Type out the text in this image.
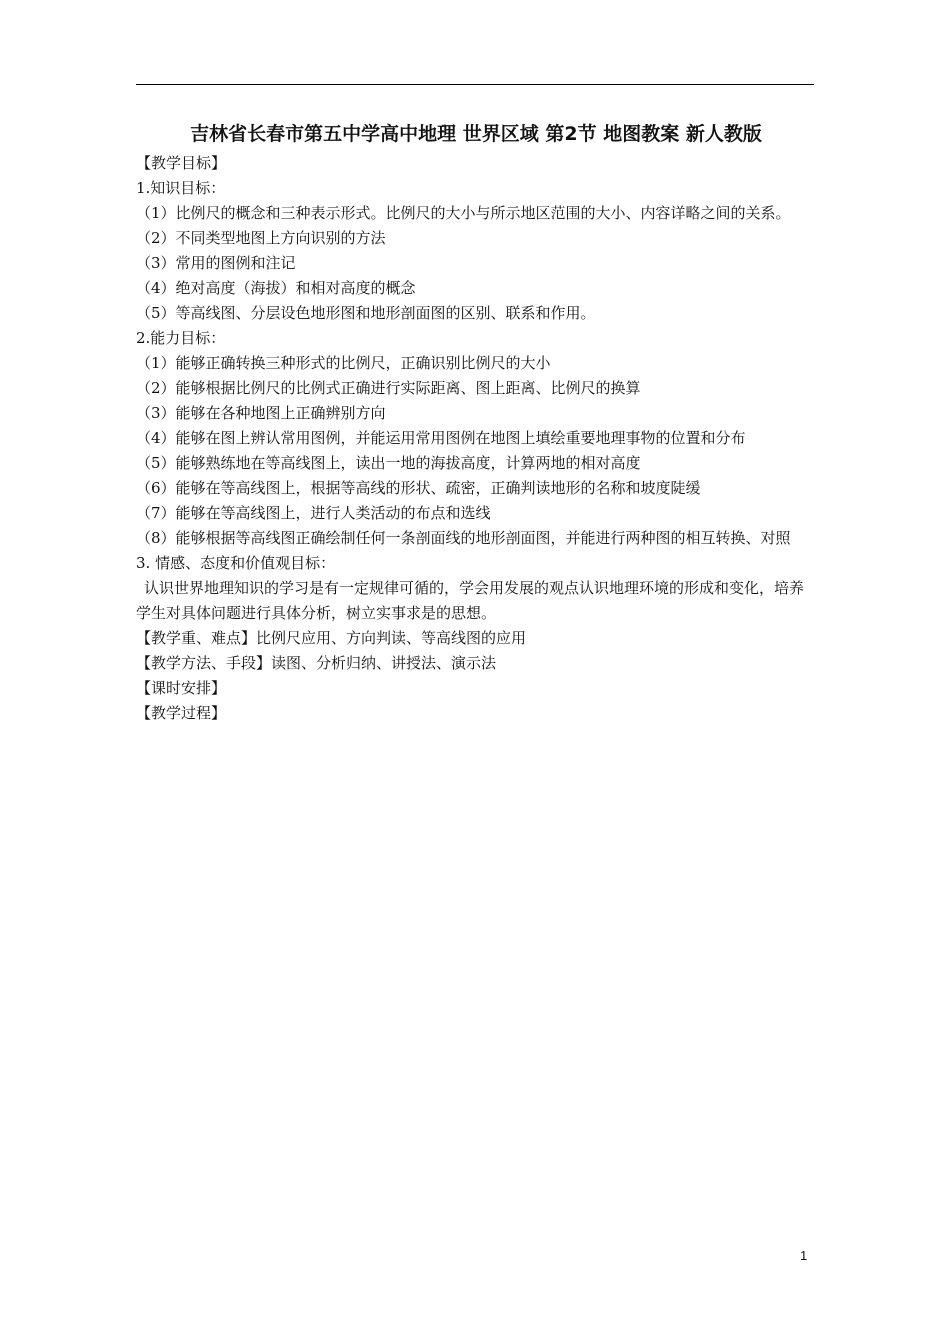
吉林省长春市第五中学高中地理 世界区域 第2节 地图教案 新人教版
【教学目标】
1.知识目标：
（1）比例尺的概念和三种表示形式。比例尺的大小与所示地区范围的大小、内容详略之间的关系。
（2）不同类型地图上方向识别的方法
（3）常用的图例和注记
（4）绝对高度（海拔）和相对高度的概念
（5）等高线图、分层设色地形图和地形剖面图的区别、联系和作用。
2.能力目标：
（1）能够正确转换三种形式的比例尺，正确识别比例尺的大小
（2）能够根据比例尺的比例式正确进行实际距离、图上距离、比例尺的换算
（3）能够在各种地图上正确辨别方向
（4）能够在图上辨认常用图例，并能运用常用图例在地图上填绘重要地理事物的位置和分布
（5）能够熟练地在等高线图上，读出一地的海拔高度，计算两地的相对高度
（6）能够在等高线图上，根据等高线的形状、疏密，正确判读地形的名称和坡度陡缓
（7）能够在等高线图上，进行人类活动的布点和选线
（8）能够根据等高线图正确绘制任何一条剖面线的地形剖面图，并能进行两种图的相互转换、对照
3. 情感、态度和价值观目标：
认识世界地理知识的学习是有一定规律可循的，学会用发展的观点认识地理环境的形成和变化，培养学生对具体问题进行具体分析，树立实事求是的思想。
【教学重、难点】比例尺应用、方向判读、等高线图的应用
【教学方法、手段】读图、分析归纳、讲授法、演示法
【课时安排】
【教学过程】
1
